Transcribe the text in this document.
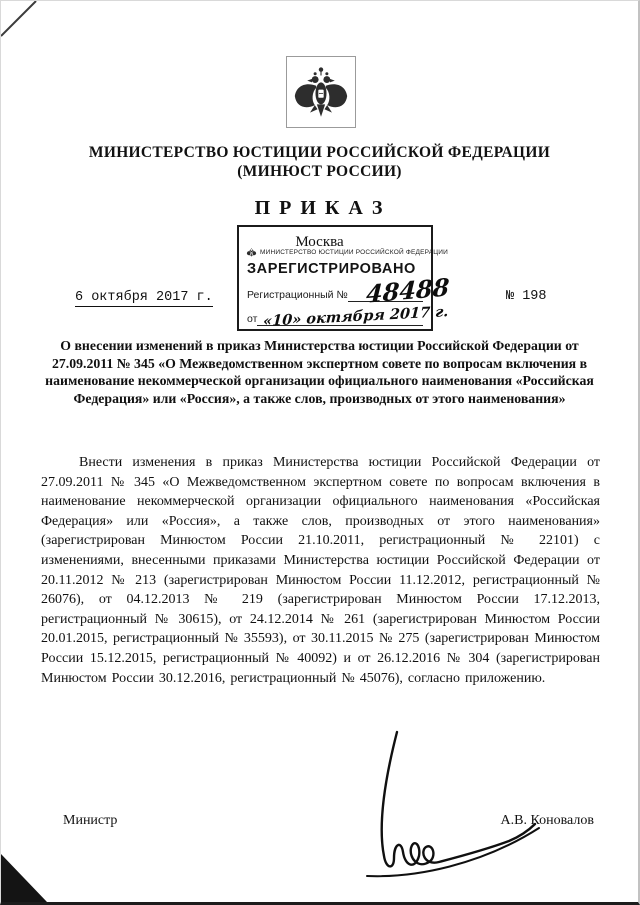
МИНИСТЕРСТВО ЮСТИЦИИ РОССИЙСКОЙ ФЕДЕРАЦИИ
(МИНЮСТ РОССИИ)
П Р И К А З
Москва
МИНИСТЕРСТВО ЮСТИЦИИ РОССИЙСКОЙ ФЕДЕРАЦИИ
ЗАРЕГИСТРИРОВАНО
Регистрационный № 48488
от «10» октября 2017 г.
6 октября 2017 г.	№ 198
О внесении изменений в приказ Министерства юстиции Российской Федерации от 27.09.2011 № 345 «О Межведомственном экспертном совете по вопросам включения в наименование некоммерческой организации официального наименования «Российская Федерация» или «Россия», а также слов, производных от этого наименования»
Внести изменения в приказ Министерства юстиции Российской Федерации от 27.09.2011 № 345 «О Межведомственном экспертном совете по вопросам включения в наименование некоммерческой организации официального наименования «Российская Федерация» или «Россия», а также слов, производных от этого наименования» (зарегистрирован Минюстом России 21.10.2011, регистрационный № 22101) с изменениями, внесенными приказами Министерства юстиции Российской Федерации от 20.11.2012 № 213 (зарегистрирован Минюстом России 11.12.2012, регистрационный № 26076), от 04.12.2013 № 219 (зарегистрирован Минюстом России 17.12.2013, регистрационный № 30615), от 24.12.2014 № 261 (зарегистрирован Минюстом России 20.01.2015, регистрационный № 35593), от 30.11.2015 № 275 (зарегистрирован Минюстом России 15.12.2015, регистрационный № 40092) и от 26.12.2016 № 304 (зарегистрирован Минюстом России 30.12.2016, регистрационный № 45076), согласно приложению.
Министр	А.В. Коновалов
